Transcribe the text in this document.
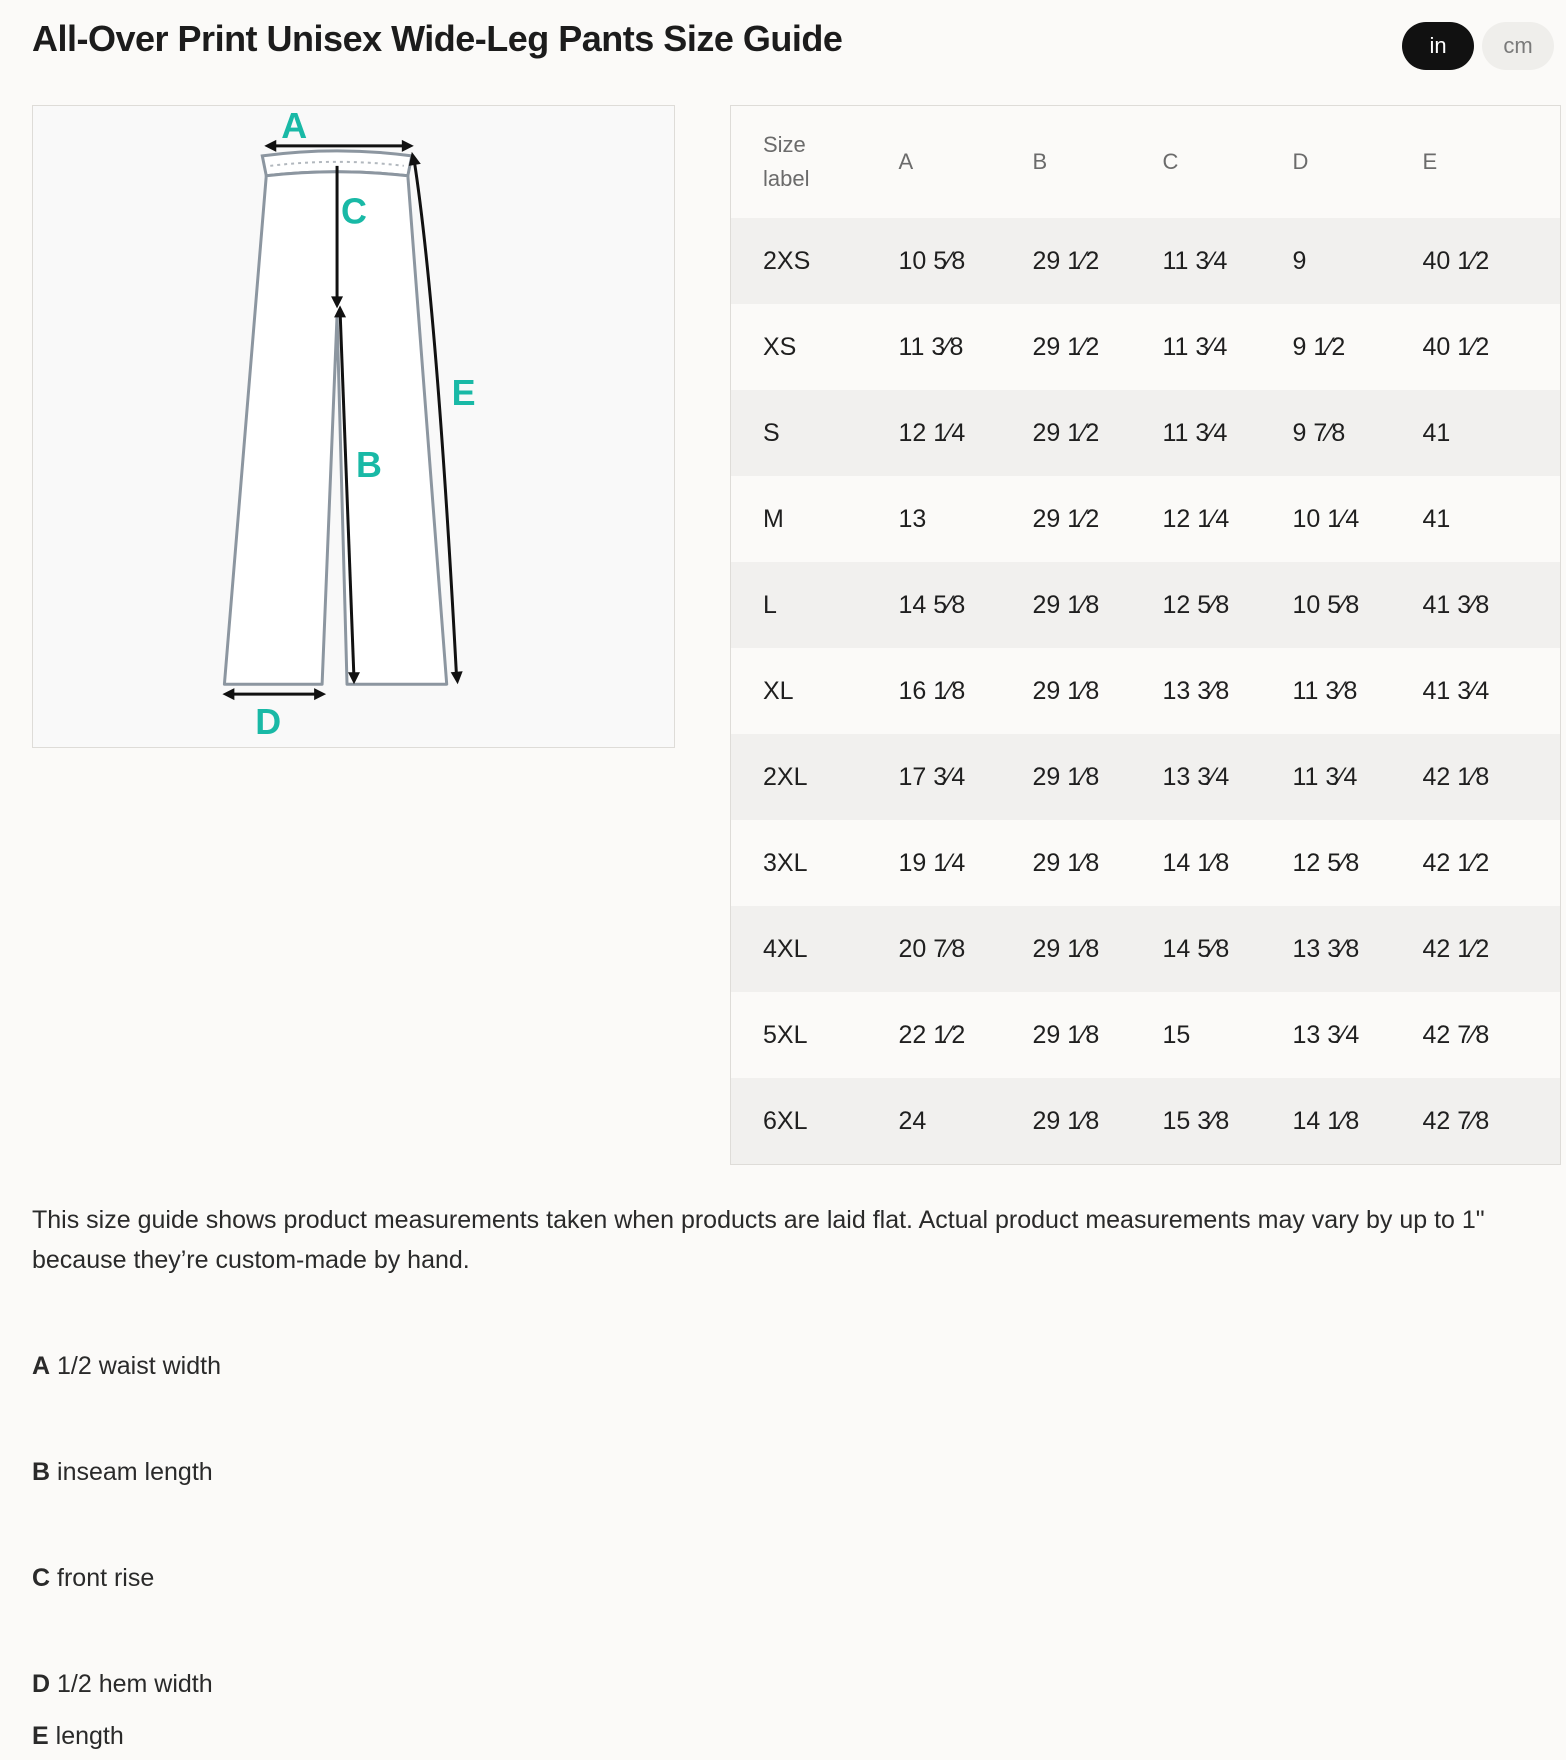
All-Over Print Unisex Wide-Leg Pants Size Guide	in	cm
A
C
B
E
D
Size
label	A	B	C	D	E
2XS	10 5⁄8	29 1⁄2	11 3⁄4	9	40 1⁄2
XS	11 3⁄8	29 1⁄2	11 3⁄4	9 1⁄2	40 1⁄2
S	12 1⁄4	29 1⁄2	11 3⁄4	9 7⁄8	41
M	13	29 1⁄2	12 1⁄4	10 1⁄4	41
L	14 5⁄8	29 1⁄8	12 5⁄8	10 5⁄8	41 3⁄8
XL	16 1⁄8	29 1⁄8	13 3⁄8	11 3⁄8	41 3⁄4
2XL	17 3⁄4	29 1⁄8	13 3⁄4	11 3⁄4	42 1⁄8
3XL	19 1⁄4	29 1⁄8	14 1⁄8	12 5⁄8	42 1⁄2
4XL	20 7⁄8	29 1⁄8	14 5⁄8	13 3⁄8	42 1⁄2
5XL	22 1⁄2	29 1⁄8	15	13 3⁄4	42 7⁄8
6XL	24	29 1⁄8	15 3⁄8	14 1⁄8	42 7⁄8
This size guide shows product measurements taken when products are laid flat. Actual product measurements may vary by up to 1" because they’re custom-made by hand.
A 1/2 waist width
B inseam length
C front rise
D 1/2 hem width
E length
